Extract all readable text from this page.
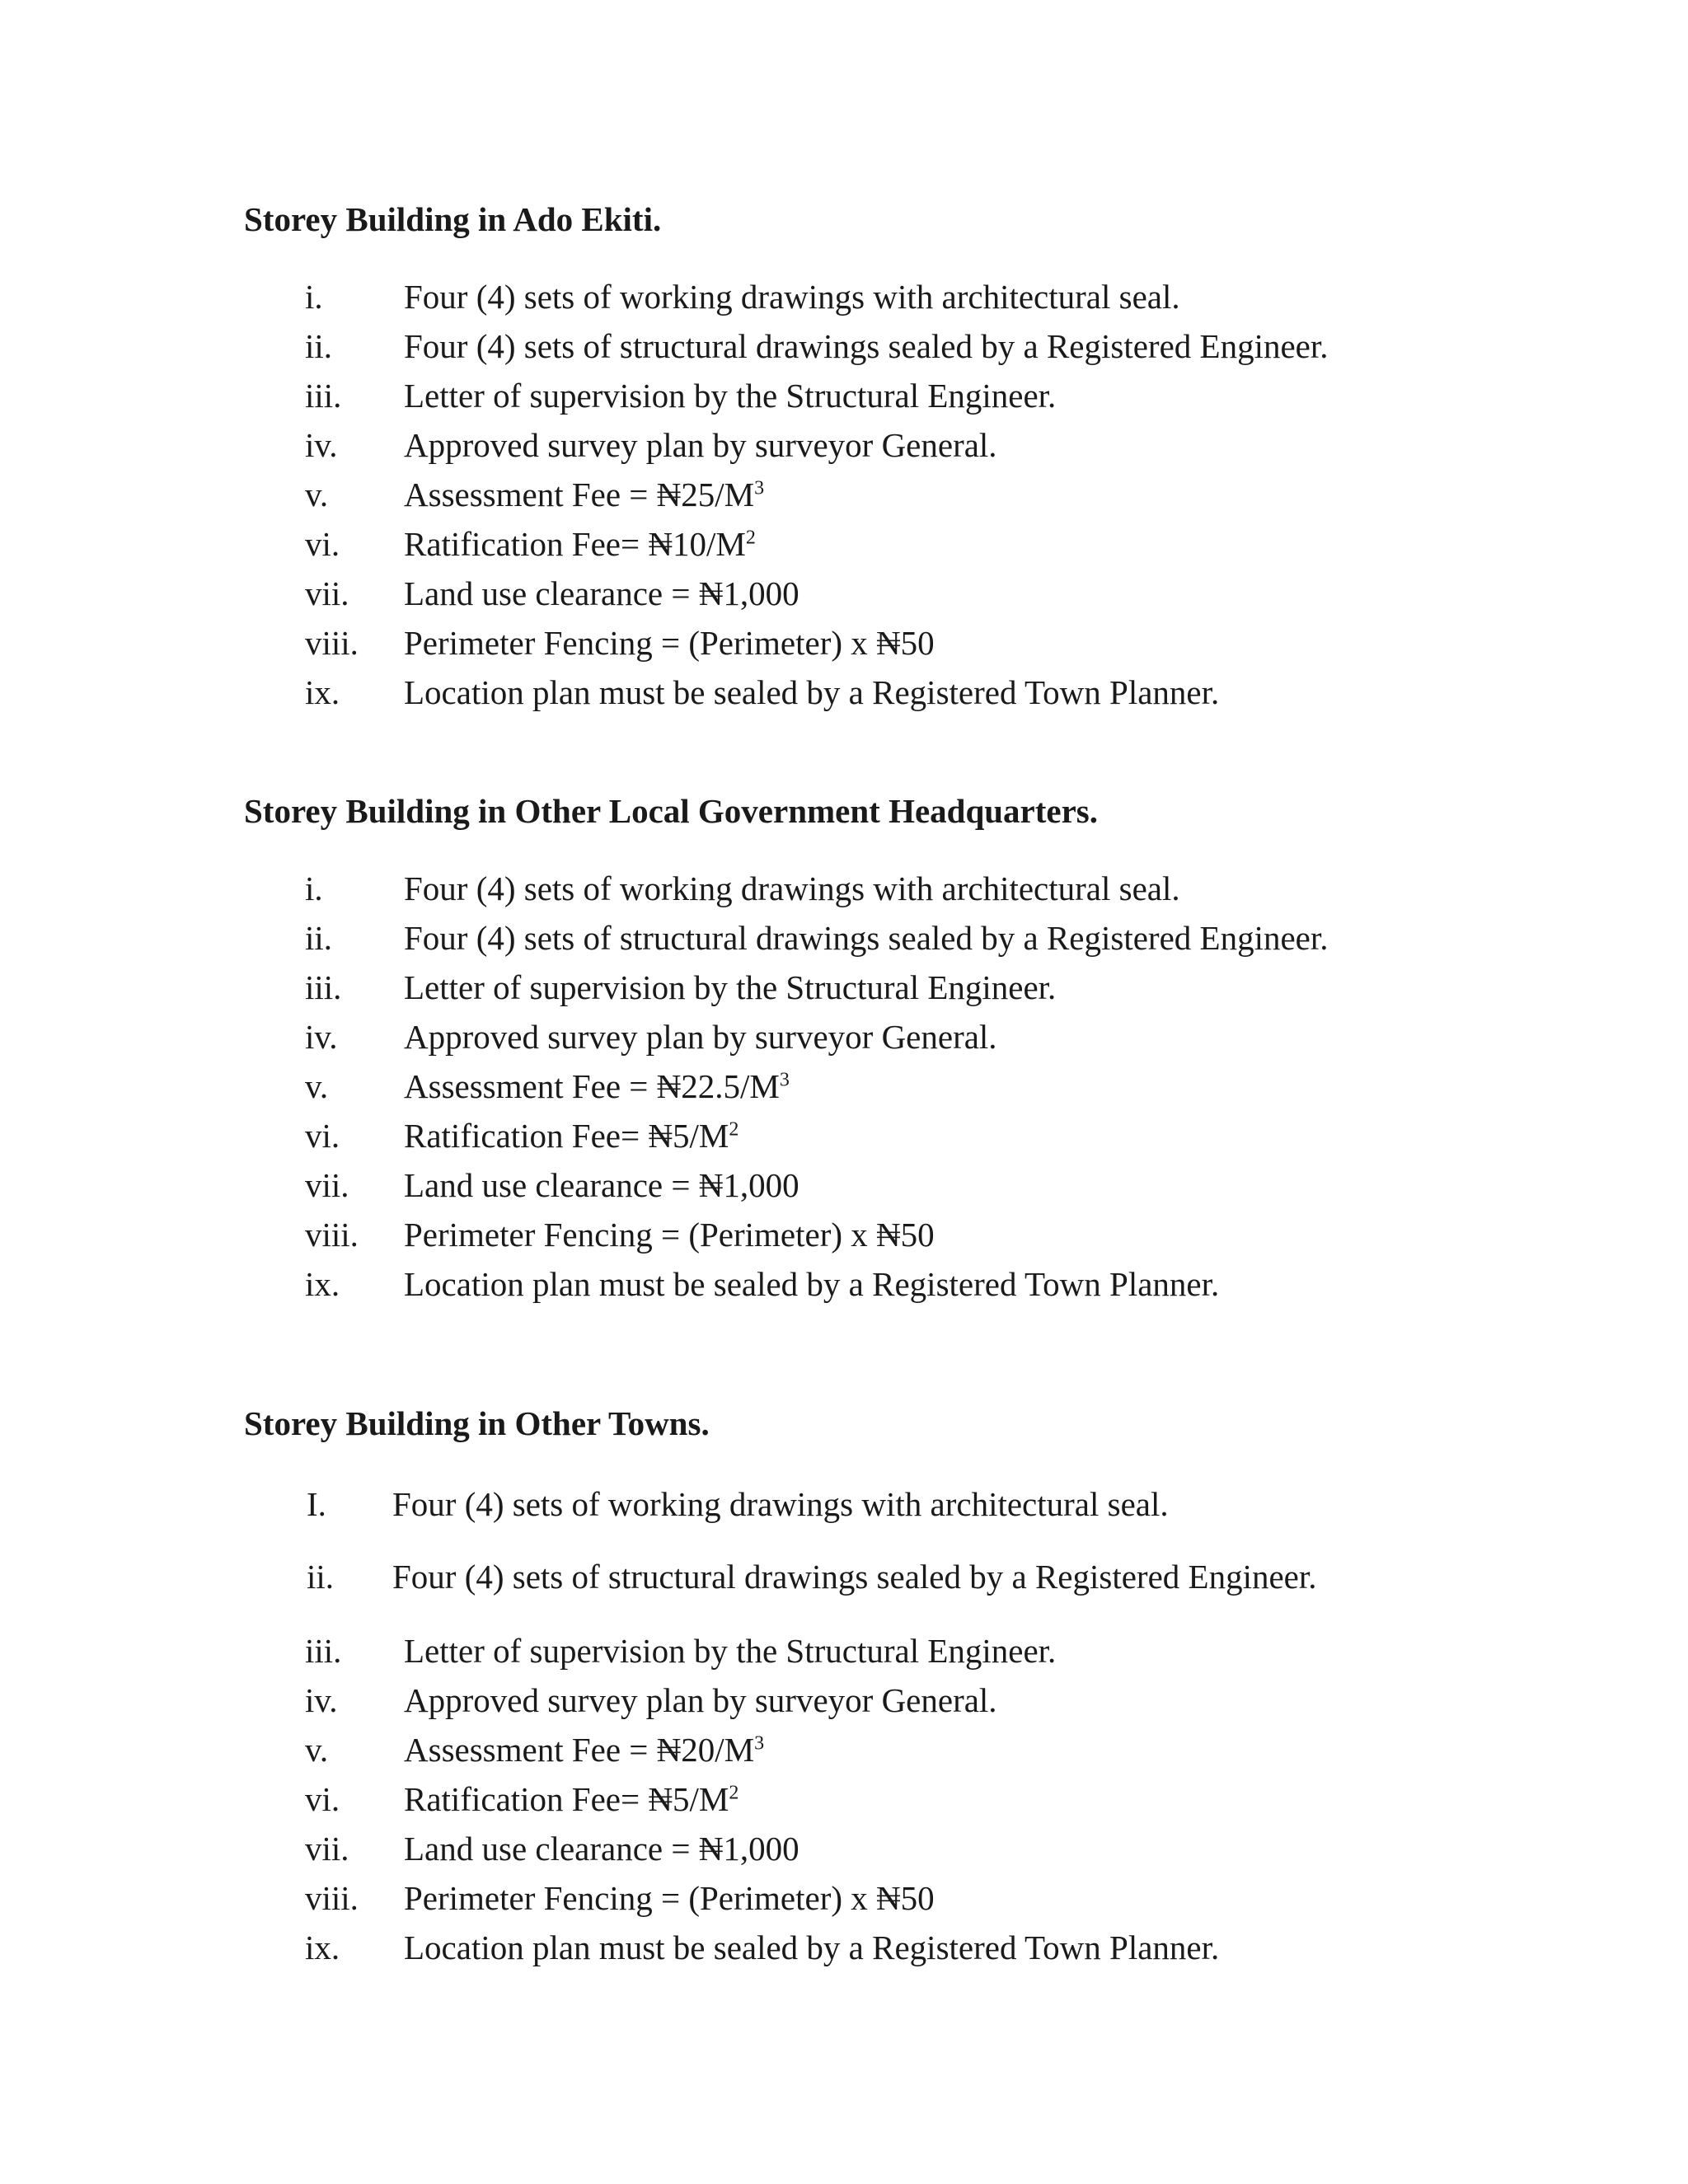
Storey Building in Ado Ekiti.
i. Four (4) sets of working drawings with architectural seal.
ii. Four (4) sets of structural drawings sealed by a Registered Engineer.
iii. Letter of supervision by the Structural Engineer.
iv. Approved survey plan by surveyor General.
v. Assessment Fee = $₦25/M^3$
vi. Ratification $Fee= ₦10/M^2$
vii. Land use clearance = ₦1,000
viii. Perimeter Fencing = (Perimeter) x ₦50
ix. Location plan must be sealed by a Registered Town Planner.
Storey Building in Other Local Government Headquarters.
i. Four (4) sets of working drawings with architectural seal.
ii. Four (4) sets of structural drawings sealed by a Registered Engineer.
iii. Letter of supervision by the Structural Engineer.
iv. Approved survey plan by surveyor General.
v. Assessment Fee = $₦22.5/M^3$
vi. Ratification $Fee= ₦5/M^2$
vii. Land use clearance = ₦1,000
viii. Perimeter Fencing = (Perimeter) x ₦50
ix. Location plan must be sealed by a Registered Town Planner.
Storey Building in Other Towns.
I. Four (4) sets of working drawings with architectural seal.
ii. Four (4) sets of structural drawings sealed by a Registered Engineer.
iii. Letter of supervision by the Structural Engineer.
iv. Approved survey plan by surveyor General.
v. Assessment Fee = $₦20/M^3$
vi. Ratification $Fee= ₦5/M^2$
vii. Land use clearance = ₦1,000
viii. Perimeter Fencing = (Perimeter) x ₦50
ix. Location plan must be sealed by a Registered Town Planner.
